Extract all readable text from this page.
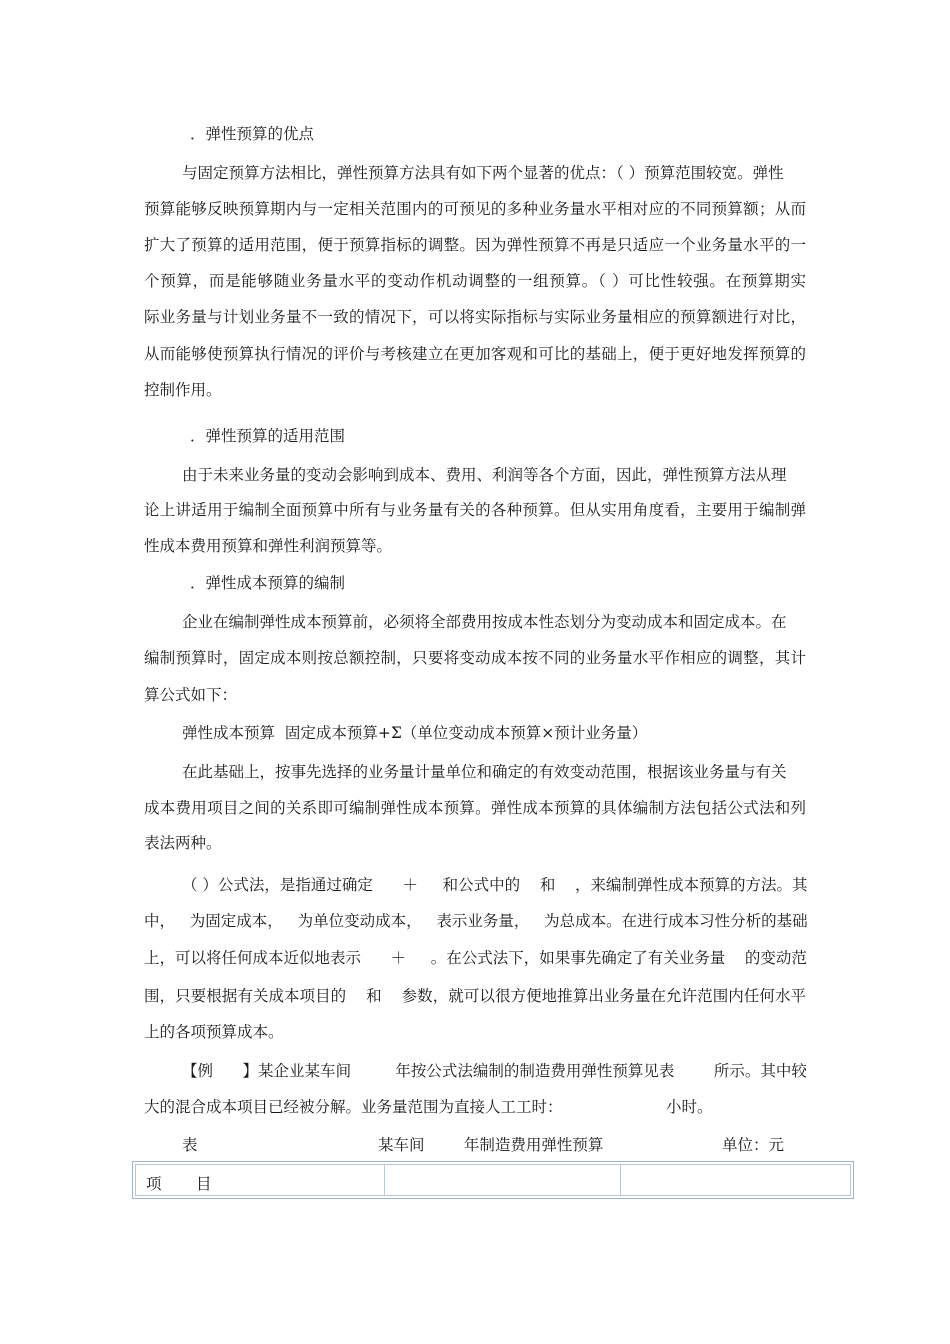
．弹性预算的优点
与固定预算方法相比，弹性预算方法具有如下两个显著的优点：（ ）预算范围较宽。弹性
预算能够反映预算期内与一定相关范围内的可预见的多种业务量水平相对应的不同预算额；从而
扩大了预算的适用范围，便于预算指标的调整。因为弹性预算不再是只适应一个业务量水平的一
个预算，而是能够随业务量水平的变动作机动调整的一组预算。（ ）可比性较强。在预算期实
际业务量与计划业务量不一致的情况下，可以将实际指标与实际业务量相应的预算额进行对比，
从而能够使预算执行情况的评价与考核建立在更加客观和可比的基础上，便于更好地发挥预算的
控制作用。
．弹性预算的适用范围
由于未来业务量的变动会影响到成本、费用、利润等各个方面，因此，弹性预算方法从理
论上讲适用于编制全面预算中所有与业务量有关的各种预算。但从实用角度看，主要用于编制弹
性成本费用预算和弹性利润预算等。
．弹性成本预算的编制
企业在编制弹性成本预算前，必须将全部费用按成本性态划分为变动成本和固定成本。在
编制预算时，固定成本则按总额控制，只要将变动成本按不同的业务量水平作相应的调整，其计
算公式如下：
弹性成本预算  固定成本预算+Σ（单位变动成本预算×预计业务量）
在此基础上，按事先选择的业务量计量单位和确定的有效变动范围，根据该业务量与有关
成本费用项目之间的关系即可编制弹性成本预算。弹性成本预算的具体编制方法包括公式法和列
表法两种。
（ ）公式法，是指通过确定      ＋     和公式中的    和    ，来编制弹性成本预算的方法。其
中，   为固定成本，   为单位变动成本，   表示业务量，   为总成本。在进行成本习性分析的基础
上，可以将任何成本近似地表示      ＋     。在公式法下，如果事先确定了有关业务量    的变动范
围，只要根据有关成本项目的    和    参数，就可以很方便地推算出业务量在允许范围内任何水平
上的各项预算成本。
【例      】某企业某车间         年按公式法编制的制造费用弹性预算见表        所示。其中较
大的混合成本项目已经被分解。业务量范围为直接人工工时：                     小时。
表	某车间        年制造费用弹性预算	单位：元
项       目
